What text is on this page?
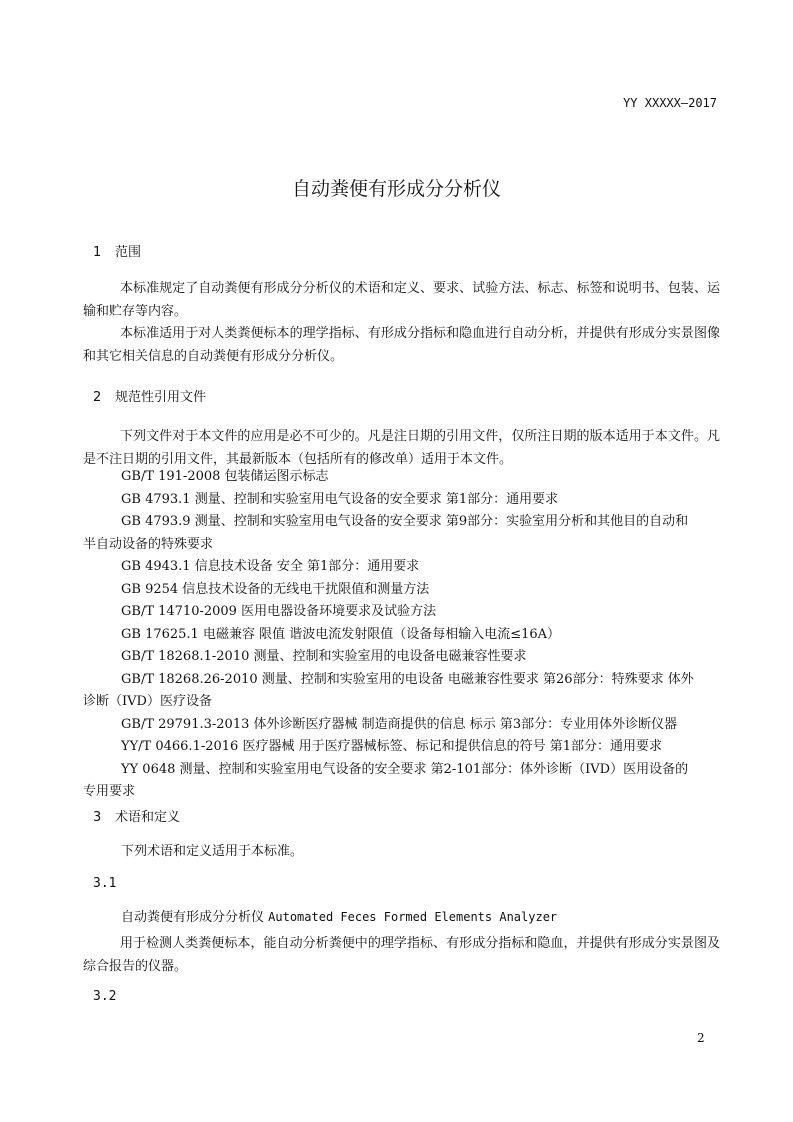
YY XXXXX—2017
自动粪便有形成分分析仪
1 范围
本标准规定了自动粪便有形成分分析仪的术语和定义、要求、试验方法、标志、标签和说明书、包装、运输和贮存等内容。
本标准适用于对人类粪便标本的理学指标、有形成分指标和隐血进行自动分析，并提供有形成分实景图像和其它相关信息的自动粪便有形成分分析仪。
2 规范性引用文件
下列文件对于本文件的应用是必不可少的。凡是注日期的引用文件，仅所注日期的版本适用于本文件。凡是不注日期的引用文件，其最新版本（包括所有的修改单）适用于本文件。
GB/T 191-2008 包装储运图示标志
GB 4793.1 测量、控制和实验室用电气设备的安全要求 第1部分：通用要求
GB 4793.9 测量、控制和实验室用电气设备的安全要求 第9部分：实验室用分析和其他目的自动和
半自动设备的特殊要求
GB 4943.1 信息技术设备 安全 第1部分：通用要求
GB 9254 信息技术设备的无线电干扰限值和测量方法
GB/T 14710-2009 医用电器设备环境要求及试验方法
GB 17625.1 电磁兼容 限值 谐波电流发射限值（设备每相输入电流≤16A）
GB/T 18268.1-2010 测量、控制和实验室用的电设备电磁兼容性要求
GB/T 18268.26-2010 测量、控制和实验室用的电设备 电磁兼容性要求 第26部分：特殊要求 体外
诊断（IVD）医疗设备
GB/T 29791.3-2013 体外诊断医疗器械 制造商提供的信息 标示 第3部分：专业用体外诊断仪器
YY/T 0466.1-2016 医疗器械 用于医疗器械标签、标记和提供信息的符号 第1部分：通用要求
YY 0648 测量、控制和实验室用电气设备的安全要求 第2-101部分：体外诊断（IVD）医用设备的
专用要求
3 术语和定义
下列术语和定义适用于本标准。
3.1
自动粪便有形成分分析仪 Automated Feces Formed Elements Analyzer
用于检测人类粪便标本，能自动分析粪便中的理学指标、有形成分指标和隐血，并提供有形成分实景图及综合报告的仪器。
3.2
2
